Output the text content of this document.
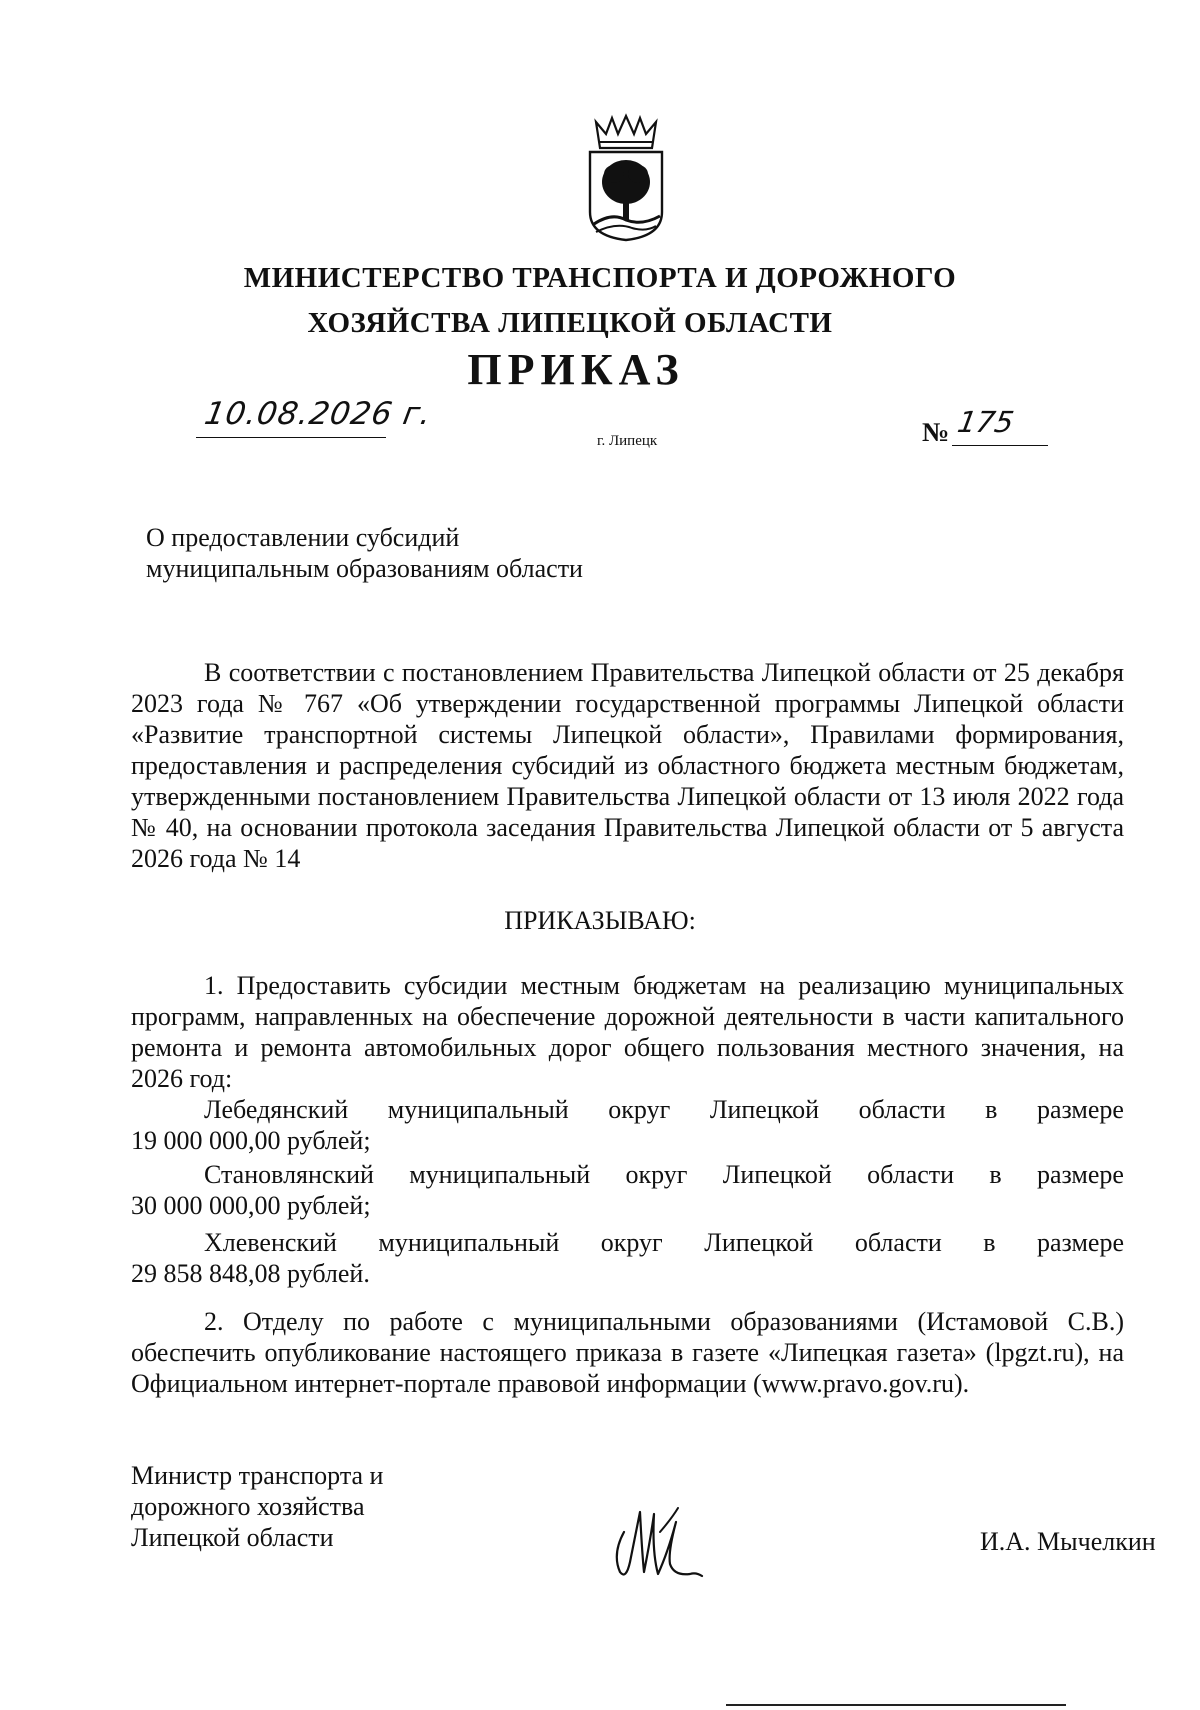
МИНИСТЕРСТВО ТРАНСПОРТА И ДОРОЖНОГО
ХОЗЯЙСТВА ЛИПЕЦКОЙ ОБЛАСТИ
ПРИКАЗ
10.08.2026 г.
г. Липецк	№ 175
О предоставлении субсидий
муниципальным образованиям области

В соответствии с постановлением Правительства Липецкой области от 25 декабря 2023 года № 767 «Об утверждении государственной программы Липецкой области «Развитие транспортной системы Липецкой области», Правилами формирования, предоставления и распределения субсидий из областного бюджета местным бюджетам, утвержденными постановлением Правительства Липецкой области от 13 июля 2022 года № 40, на основании протокола заседания Правительства Липецкой области от 5 августа 2026 года № 14

ПРИКАЗЫВАЮ:

1. Предоставить субсидии местным бюджетам на реализацию муниципальных программ, направленных на обеспечение дорожной деятельности в части капитального ремонта и ремонта автомобильных дорог общего пользования местного значения, на 2026 год:

Лебедянский муниципальный округ Липецкой области в размере

19 000 000,00 рублей;

Становлянский муниципальный округ Липецкой области в размере

30 000 000,00 рублей;

Хлевенский муниципальный округ Липецкой области в размере

29 858 848,08 рублей.

2. Отделу по работе с муниципальными образованиями (Истамовой С.В.) обеспечить опубликование настоящего приказа в газете «Липецкая газета» (lpgzt.ru), на Официальном интернет-портале правовой информации (www.pravo.gov.ru).

Министр транспорта и
дорожного хозяйства
Липецкой области	И.А. Мычелкин
